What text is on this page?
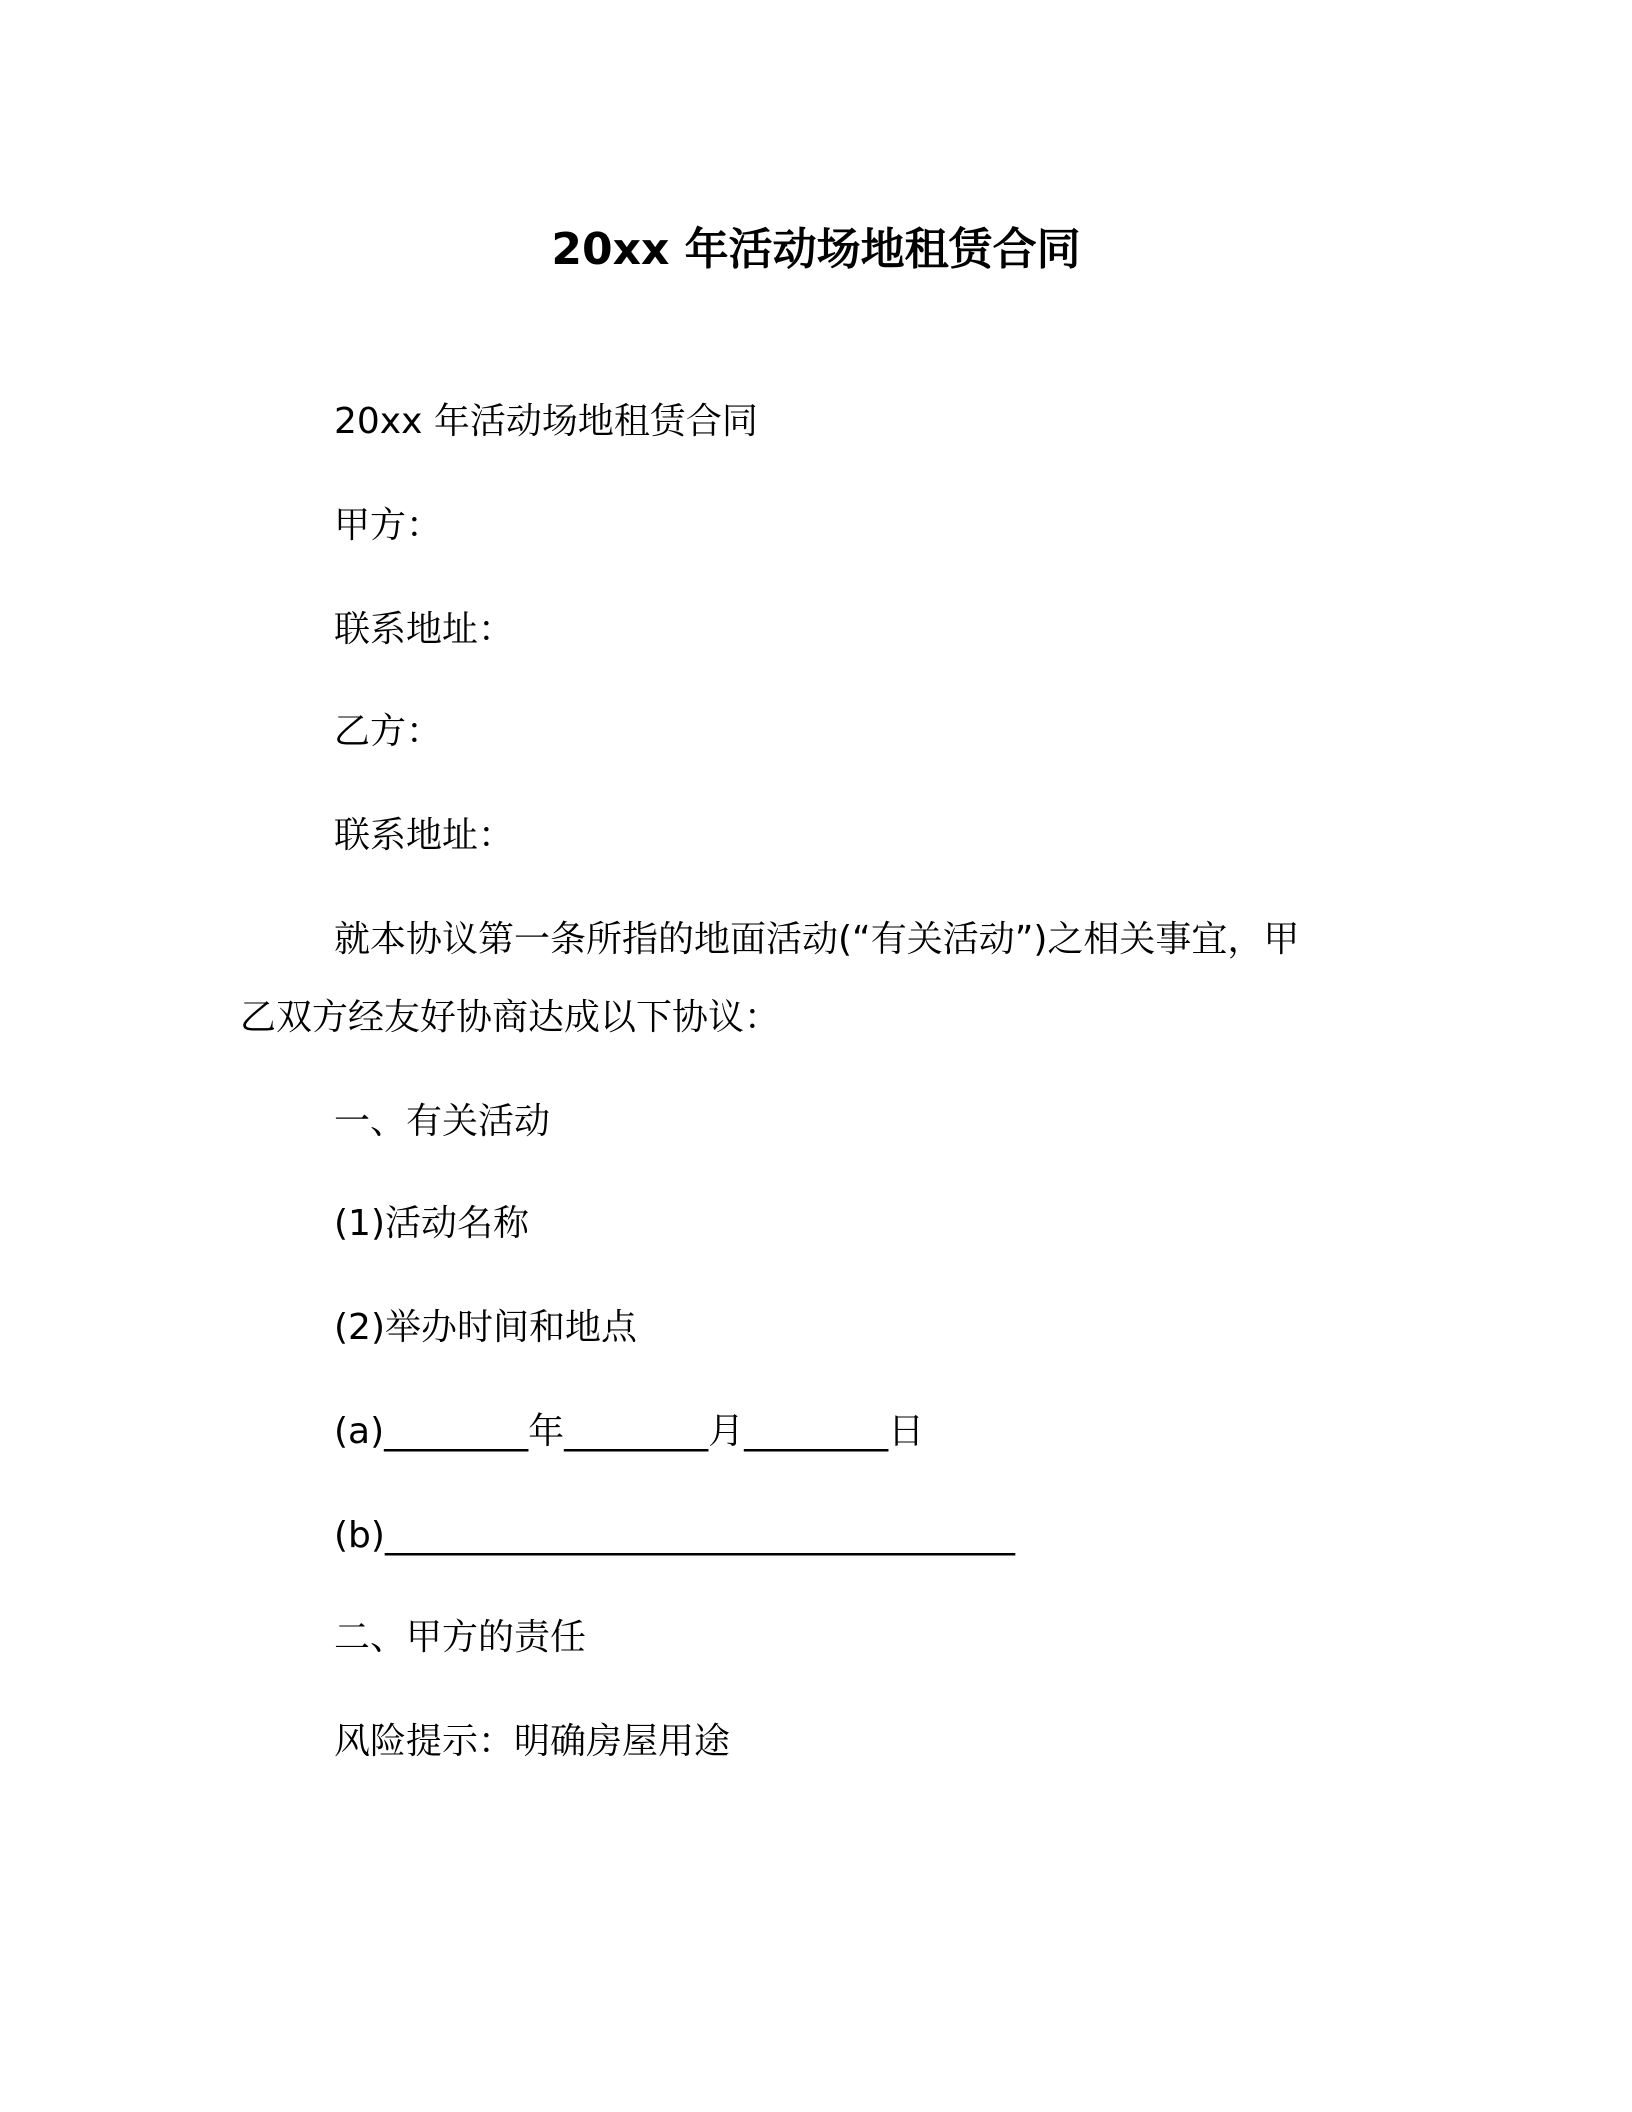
20xx 年活动场地租赁合同
20xx 年活动场地租赁合同
甲方：
联系地址：
乙方：
联系地址：
就本协议第一条所指的地面活动(“有关活动”)之相关事宜，甲
乙双方经友好协商达成以下协议：
一、有关活动
(1)活动名称
(2)举办时间和地点
(a)________年________月________日
(b)___________________________________
二、甲方的责任
风险提示：明确房屋用途
